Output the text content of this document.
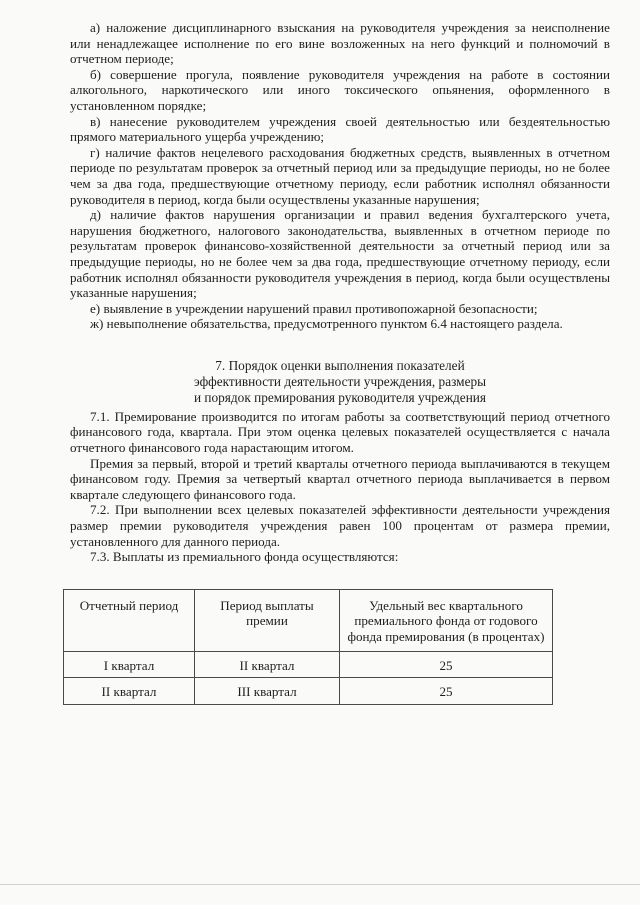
а) наложение дисциплинарного взыскания на руководителя учреждения за неисполнение или ненадлежащее исполнение по его вине возложенных на него функций и полномочий в отчетном периоде;

б) совершение прогула, появление руководителя учреждения на работе в состоянии алкогольного, наркотического или иного токсического опьянения, оформленного в установленном порядке;

в) нанесение руководителем учреждения своей деятельностью или бездеятельностью прямого материального ущерба учреждению;

г) наличие фактов нецелевого расходования бюджетных средств, выявленных в отчетном периоде по результатам проверок за отчетный период или за предыдущие периоды, но не более чем за два года, предшествующие отчетному периоду, если работник исполнял обязанности руководителя в период, когда были осуществлены указанные нарушения;

д) наличие фактов нарушения организации и правил ведения бухгалтерского учета, нарушения бюджетного, налогового законодательства, выявленных в отчетном периоде по результатам проверок финансово-хозяйственной деятельности за отчетный период или за предыдущие периоды, но не более чем за два года, предшествующие отчетному периоду, если работник исполнял обязанности руководителя учреждения в период, когда были осуществлены указанные нарушения;

е) выявление в учреждении нарушений правил противопожарной безопасности;

ж) невыполнение обязательства, предусмотренного пунктом 6.4 настоящего раздела.

7. Порядок оценки выполнения показателей
эффективности деятельности учреждения, размеры
и порядок премирования руководителя учреждения

7.1. Премирование производится по итогам работы за соответствующий период отчетного финансового года, квартала. При этом оценка целевых показателей осуществляется с начала отчетного финансового года нарастающим итогом.

Премия за первый, второй и третий кварталы отчетного периода выплачиваются в текущем финансовом году. Премия за четвертый квартал отчетного периода выплачивается в первом квартале следующего финансового года.

7.2. При выполнении всех целевых показателей эффективности деятельности учреждения размер премии руководителя учреждения равен 100 процентам от размера премии, установленного для данного периода.

7.3. Выплаты из премиального фонда осуществляются:

Отчетный период	Период выплаты премии	Удельный вес квартального премиального фонда от годового фонда премирования (в процентах)
I квартал	II квартал	25
II квартал	III квартал	25
